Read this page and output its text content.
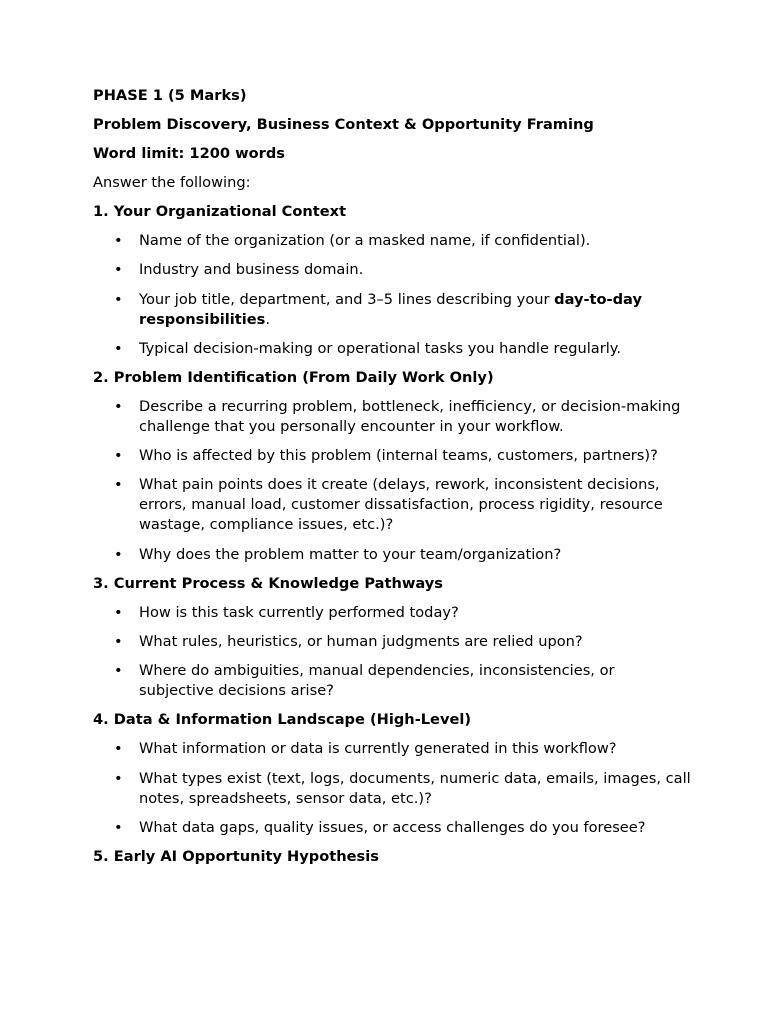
PHASE 1 (5 Marks)
Problem Discovery, Business Context & Opportunity Framing
Word limit: 1200 words
Answer the following:
1. Your Organizational Context
• Name of the organization (or a masked name, if confidential).
• Industry and business domain.
• Your job title, department, and 3–5 lines describing your day-to-day responsibilities.
• Typical decision-making or operational tasks you handle regularly.
2. Problem Identification (From Daily Work Only)
• Describe a recurring problem, bottleneck, inefficiency, or decision-making challenge that you personally encounter in your workflow.
• Who is affected by this problem (internal teams, customers, partners)?
• What pain points does it create (delays, rework, inconsistent decisions, errors, manual load, customer dissatisfaction, process rigidity, resource wastage, compliance issues, etc.)?
• Why does the problem matter to your team/organization?
3. Current Process & Knowledge Pathways
• How is this task currently performed today?
• What rules, heuristics, or human judgments are relied upon?
• Where do ambiguities, manual dependencies, inconsistencies, or subjective decisions arise?
4. Data & Information Landscape (High-Level)
• What information or data is currently generated in this workflow?
• What types exist (text, logs, documents, numeric data, emails, images, call notes, spreadsheets, sensor data, etc.)?
• What data gaps, quality issues, or access challenges do you foresee?
5. Early AI Opportunity Hypothesis
